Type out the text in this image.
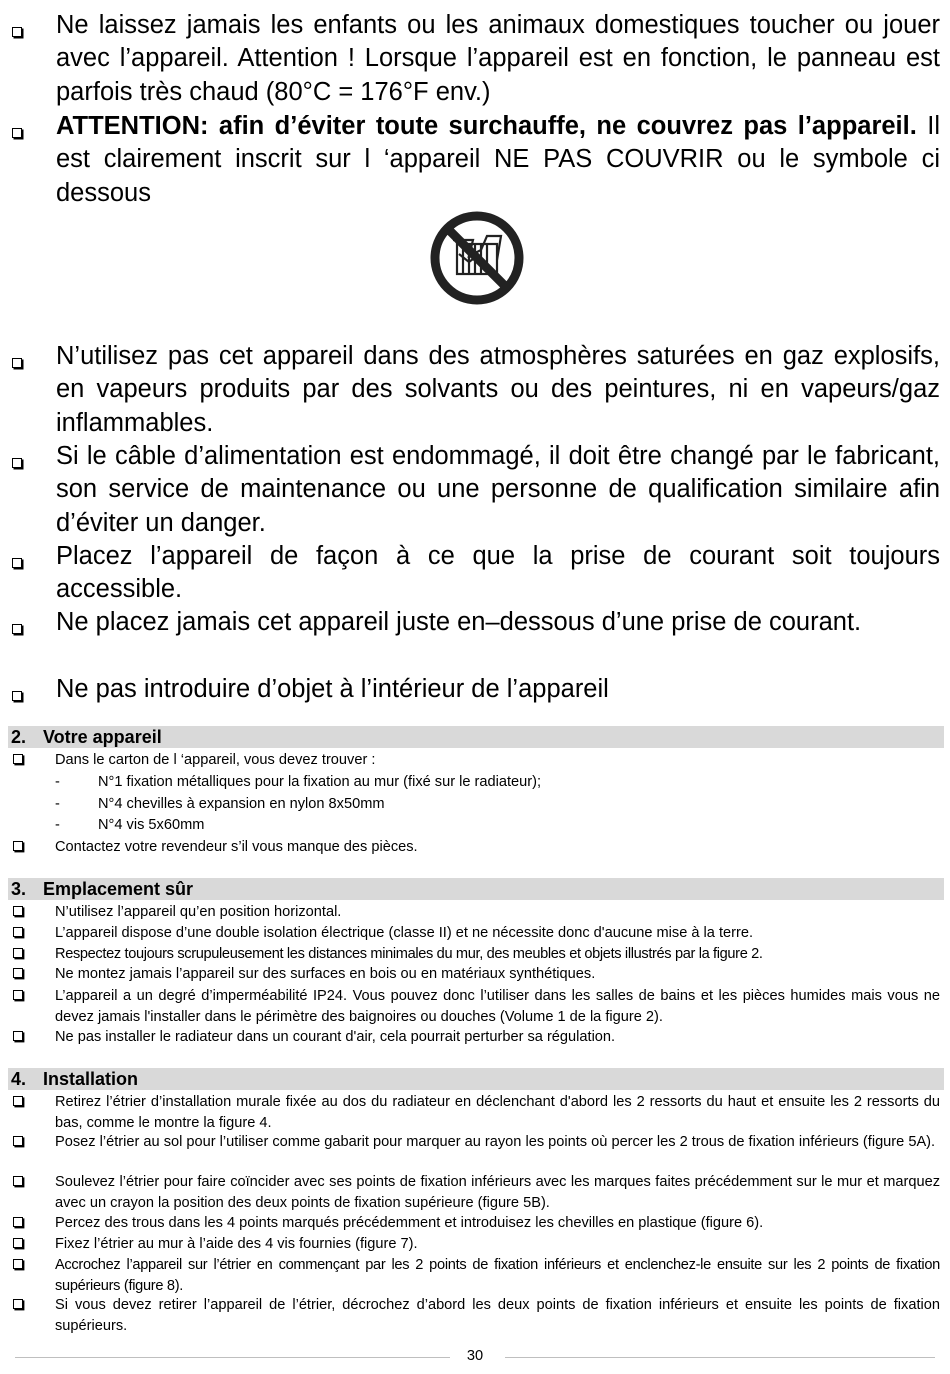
Ne laissez jamais les enfants ou les animaux domestiques toucher ou jouer avec l’appareil. Attention ! Lorsque l’appareil est en fonction, le panneau est parfois très chaud (80°C = 176°F env.)
ATTENTION: afin d’éviter toute surchauffe, ne couvrez pas l’appareil. Il est clairement inscrit sur l ‘appareil NE PAS COUVRIR ou le symbole ci dessous
N’utilisez pas cet appareil dans des atmosphères saturées en gaz explosifs, en vapeurs produits par des solvants ou des peintures, ni en vapeurs/gaz inflammables.
Si le câble d’alimentation est endommagé, il doit être changé par le fabricant, son service de maintenance ou une personne de qualification similaire afin d’éviter un danger.
Placez l’appareil de façon à ce que la prise de courant soit toujours accessible.
Ne placez jamais cet appareil juste en–dessous d’une prise de courant.
Ne pas introduire d’objet à l’intérieur de l’appareil
2. Votre appareil
Dans le carton de l ‘appareil, vous devez trouver :
-	N°1 fixation métalliques pour la fixation au mur (fixé sur le radiateur);
-	N°4 chevilles à expansion en nylon 8x50mm
-	N°4 vis 5x60mm
Contactez votre revendeur s’il vous manque des pièces.
3. Emplacement sûr
N’utilisez l’appareil qu’en position horizontal.
L’appareil dispose d’une double isolation électrique (classe II) et ne nécessite donc d'aucune mise à la terre.
Respectez toujours scrupuleusement les distances minimales du mur, des meubles et objets illustrés par la figure 2.
Ne montez jamais l’appareil sur des surfaces en bois ou en matériaux synthétiques.
L’appareil a un degré d’imperméabilité IP24. Vous pouvez donc l’utiliser dans les salles de bains et les pièces humides mais vous ne devez jamais l'installer dans le périmètre des baignoires ou douches (Volume 1 de la figure 2).
Ne pas installer le radiateur dans un courant d'air, cela pourrait perturber sa régulation.
4. Installation
Retirez l’étrier d’installation murale fixée au dos du radiateur en déclenchant d'abord les 2 ressorts du haut et ensuite les 2 ressorts du bas, comme le montre la figure 4.
Posez l’étrier au sol pour l’utiliser comme gabarit pour marquer au rayon les points où percer les 2 trous de fixation inférieurs (figure 5A).
Soulevez l’étrier pour faire coïncider avec ses points de fixation inférieurs avec les marques faites précédemment sur le mur et marquez avec un crayon la position des deux points de fixation supérieure (figure 5B).
Percez des trous dans les 4 points marqués précédemment et introduisez les chevilles en plastique (figure 6).
Fixez l’étrier au mur à l’aide des 4 vis fournies (figure 7).
Accrochez l’appareil sur l’étrier en commençant par les 2 points de fixation inférieurs et enclenchez-le ensuite sur les 2 points de fixation supérieurs (figure 8).
Si vous devez retirer l’appareil de l’étrier, décrochez d’abord les deux points de fixation inférieurs et ensuite les points de fixation supérieurs.
30
